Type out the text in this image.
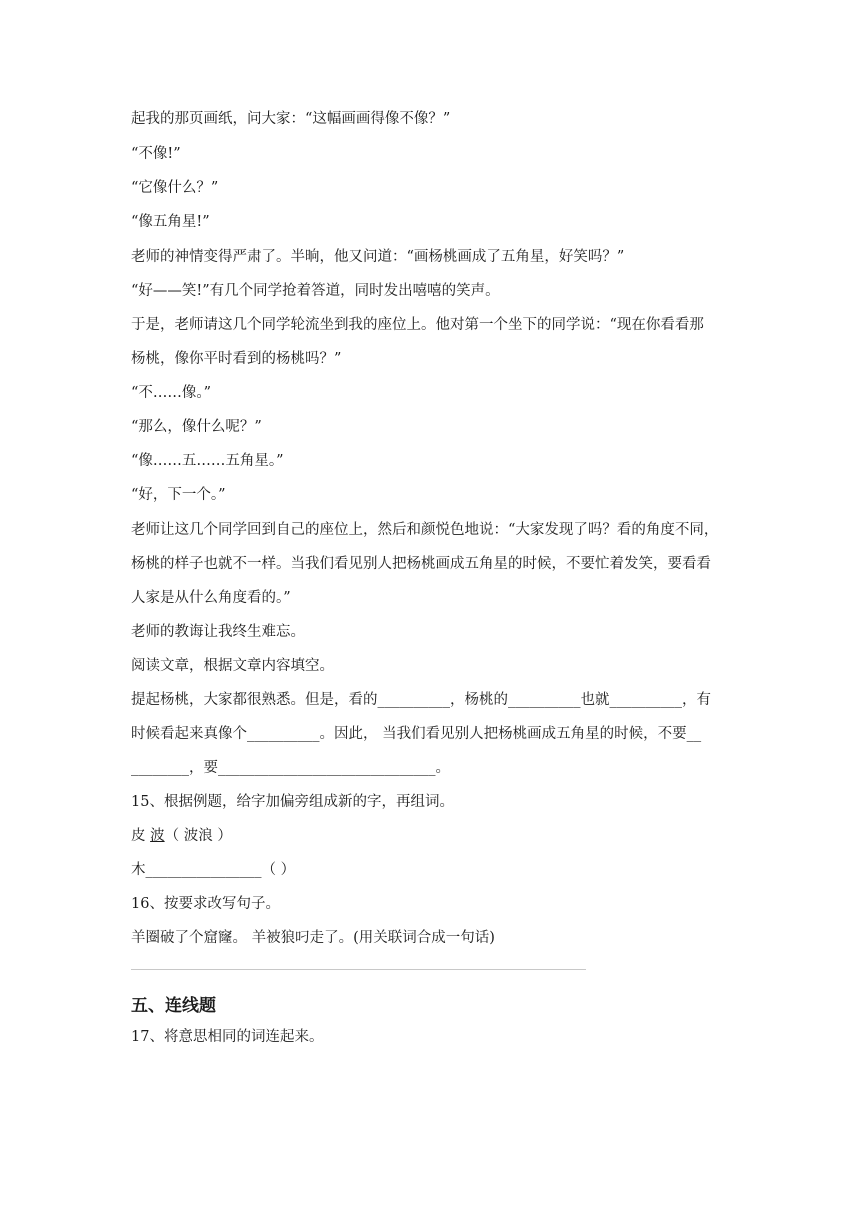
起我的那页画纸，问大家：“这幅画画得像不像？”
“不像!”
“它像什么？”
“像五角星!”
老师的神情变得严肃了。半晌，他又问道：“画杨桃画成了五角星，好笑吗？”
“好——笑!”有几个同学抢着答道，同时发出嘻嘻的笑声。
于是，老师请这几个同学轮流坐到我的座位上。他对第一个坐下的同学说：“现在你看看那
杨桃，像你平时看到的杨桃吗？”
“不……像。”
“那么，像什么呢？”
“像……五……五角星。”
“好，下一个。”
老师让这几个同学回到自己的座位上，然后和颜悦色地说：“大家发现了吗？看的角度不同，
杨桃的样子也就不一样。当我们看见别人把杨桃画成五角星的时候，不要忙着发笑，要看看
人家是从什么角度看的。”
老师的教诲让我终生难忘。
阅读文章，根据文章内容填空。
提起杨桃，大家都很熟悉。但是，看的__________，杨桃的__________也就__________，有
时候看起来真像个__________。因此， 当我们看见别人把杨桃画成五角星的时候，不要__
________，要______________________________。
15、根据例题，给字加偏旁组成新的字，再组词。
皮 波（ 波浪 ）
木________________（ ）
16、按要求改写句子。
羊圈破了个窟窿。 羊被狼叼走了。(用关联词合成一句话)
五、连线题
17、将意思相同的词连起来。
